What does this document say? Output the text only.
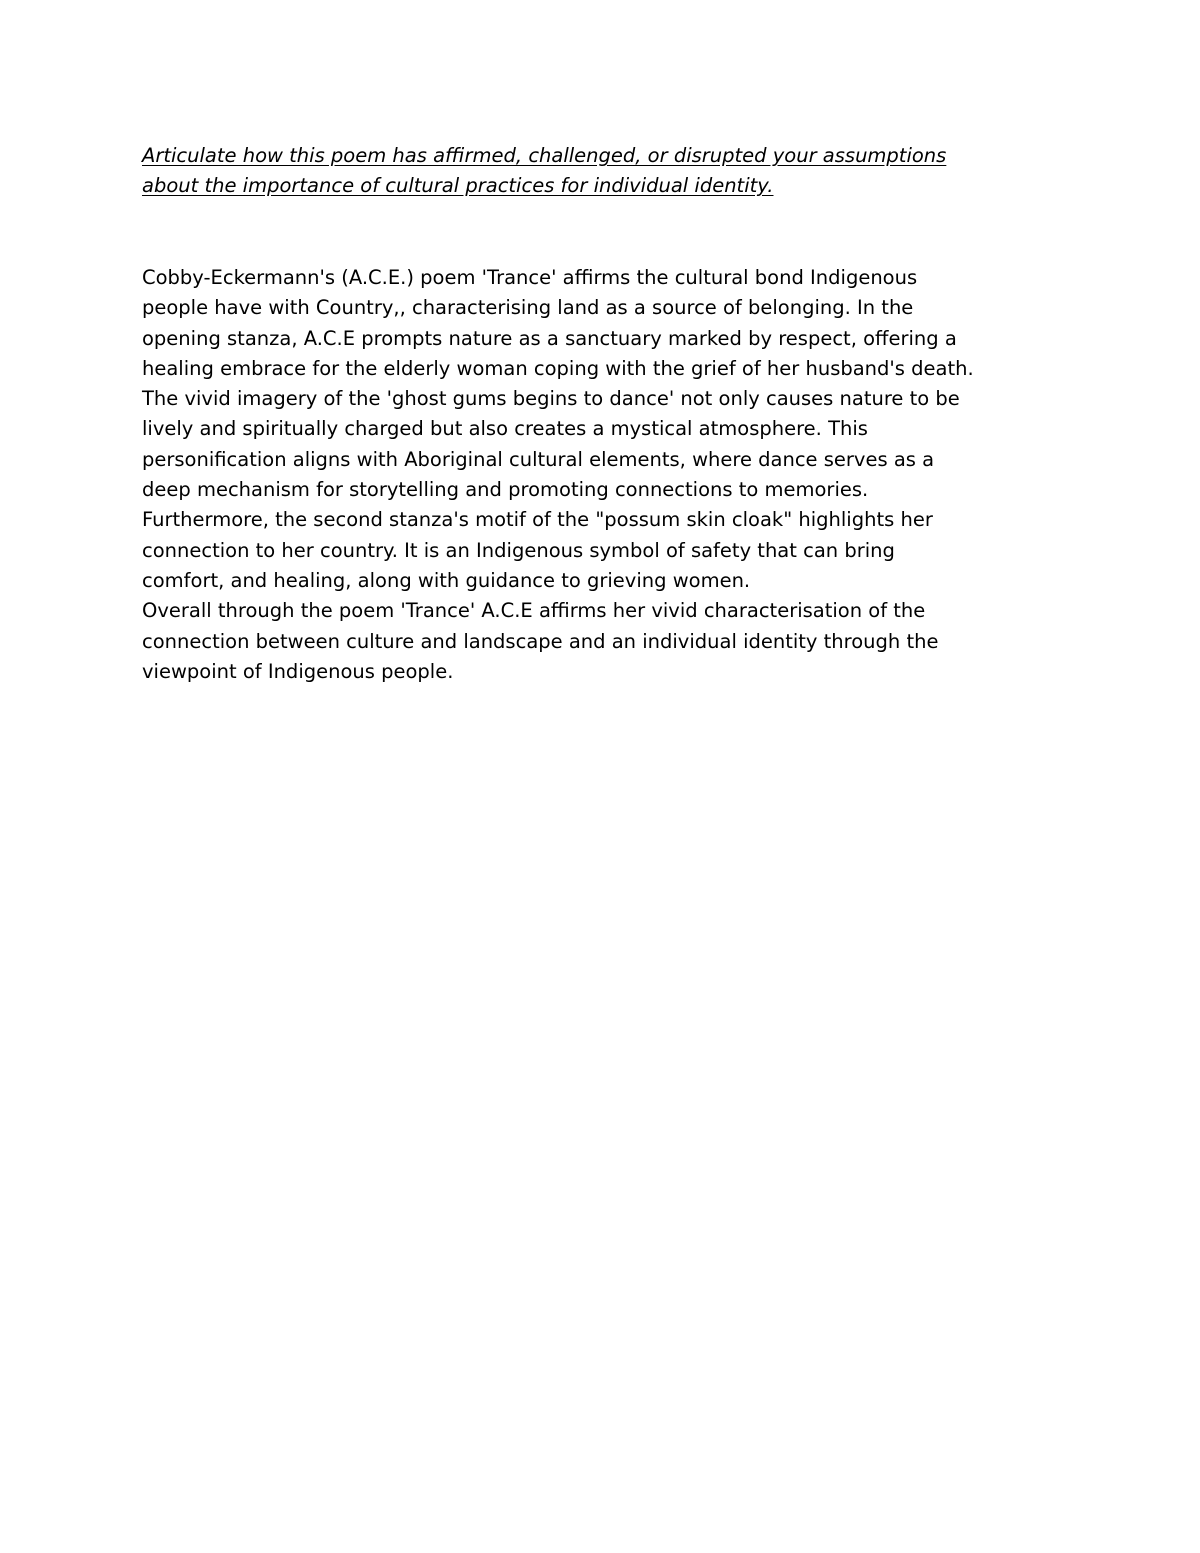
Articulate how this poem has affirmed, challenged, or disrupted your assumptions
about the importance of cultural practices for individual identity.
Cobby-Eckermann's (A.C.E.) poem 'Trance' affirms the cultural bond Indigenous
people have with Country,, characterising land as a source of belonging. In the
opening stanza, A.C.E prompts nature as a sanctuary marked by respect, offering a
healing embrace for the elderly woman coping with the grief of her husband's death.
The vivid imagery of the 'ghost gums begins to dance' not only causes nature to be
lively and spiritually charged but also creates a mystical atmosphere. This
personification aligns with Aboriginal cultural elements, where dance serves as a
deep mechanism for storytelling and promoting connections to memories.
Furthermore, the second stanza's motif of the "possum skin cloak" highlights her
connection to her country. It is an Indigenous symbol of safety that can bring
comfort, and healing, along with guidance to grieving women.
Overall through the poem 'Trance' A.C.E affirms her vivid characterisation of the
connection between culture and landscape and an individual identity through the
viewpoint of Indigenous people.
